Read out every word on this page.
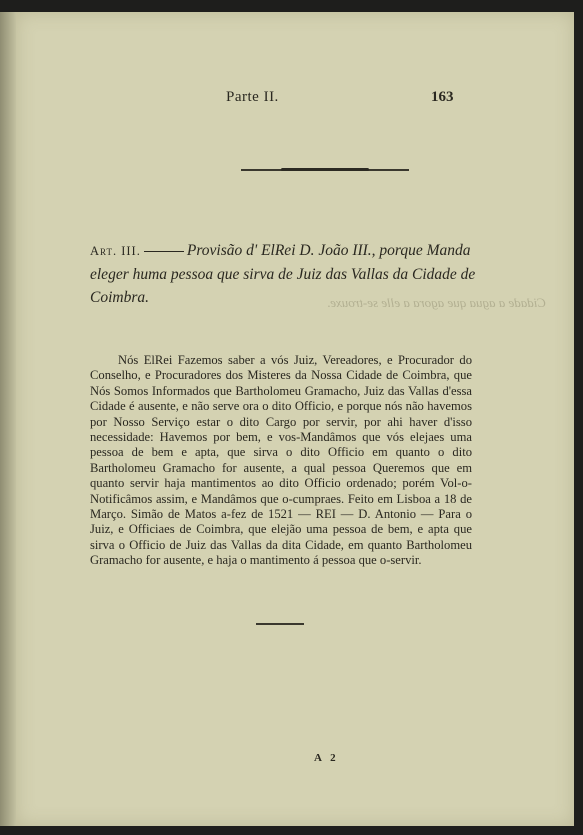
Parte II.	163
Cidade a agua que agora a elle se-trouxe.
Art. III.	Provisão d' ElRei D. João III., porque Manda eleger huma pessoa que sirva de Juiz das Vallas da Cidade de Coimbra.

Nós ElRei Fazemos saber a vós Juiz, Vereadores, e Procurador do Conselho, e Procuradores dos Misteres da Nossa Cidade de Coimbra, que Nós Somos Informados que Bartholomeu Gramacho, Juiz das Vallas d'essa Cidade é ausente, e não serve ora o dito Officio, e porque nós não havemos por Nosso Serviço estar o dito Cargo por servir, por ahi haver d'isso necessidade: Havemos por bem, e vos-Mandâmos que vós elejaes uma pessoa de bem e apta, que sirva o dito Officio em quanto o dito Bartholomeu Gramacho for ausente, a qual pessoa Queremos que em quanto servir haja mantimentos ao dito Officio ordenado; porém Vol-o-Notificâmos assim, e Mandâmos que o-cumpraes. Feito em Lisboa a 18 de Março. Simão de Matos a-fez de 1521 — REI — D. Antonio — Para o Juiz, e Officiaes de Coimbra, que elejão uma pessoa de bem, e apta que sirva o Officio de Juiz das Vallas da dita Cidade, em quanto Bartholomeu Gramacho for ausente, e haja o mantimento á pessoa que o-servir.

A 2
